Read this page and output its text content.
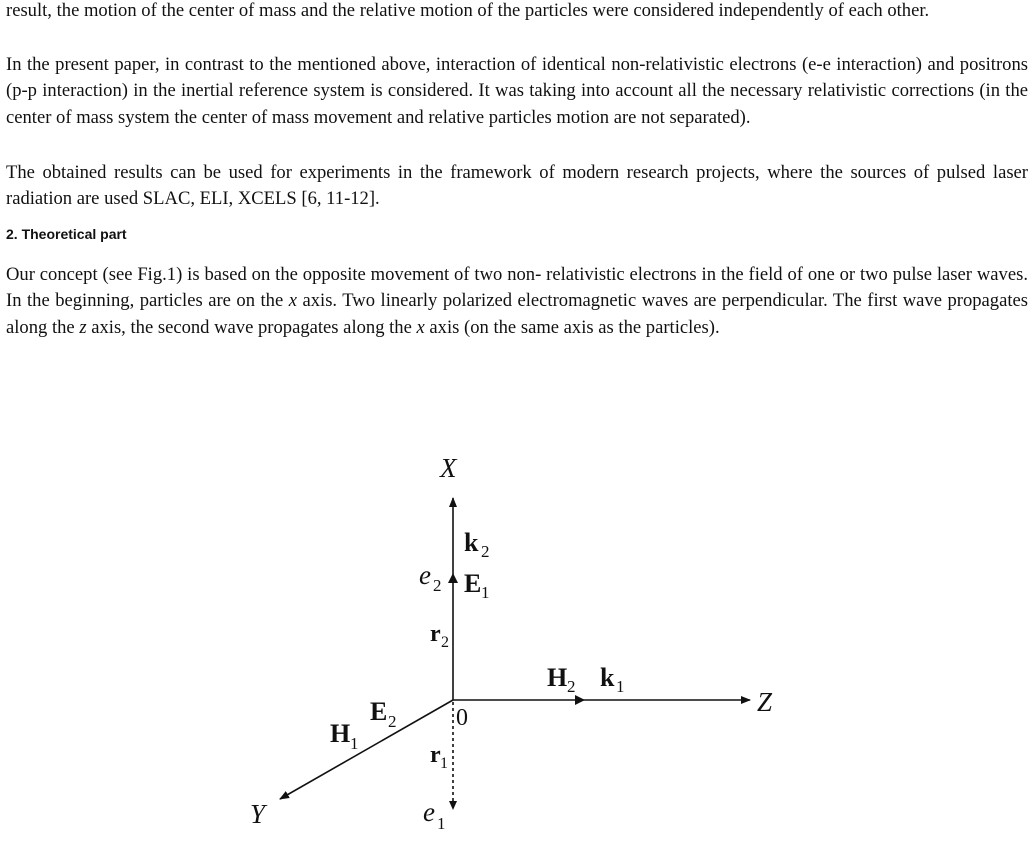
result, the motion of the center of mass and the relative motion of the particles were considered independently of each other.

In the present paper, in contrast to the mentioned above, interaction of identical non-relativistic electrons (e-e interaction) and positrons (p-p interaction) in the inertial reference system is considered. It was taking into account all the necessary relativistic corrections (in the center of mass system the center of mass movement and relative particles motion are not separated).

The obtained results can be used for experiments in the framework of modern research projects, where the sources of pulsed laser radiation are used SLAC, ELI, XCELS [6, 11-12].

2. Theoretical part

Our concept (see Fig.1) is based on the opposite movement of two non- relativistic electrons in the field of one or two pulse laser waves. In the beginning, particles are on the x axis. Two linearly polarized electromagnetic waves are perpendicular. The first wave propagates along the z axis, the second wave propagates along the x axis (on the same axis as the particles).

X
Z
Y
0
k 2
e 2 E 1
r 2
H 2 k 1
E 2
H 1	r 1
e 1
